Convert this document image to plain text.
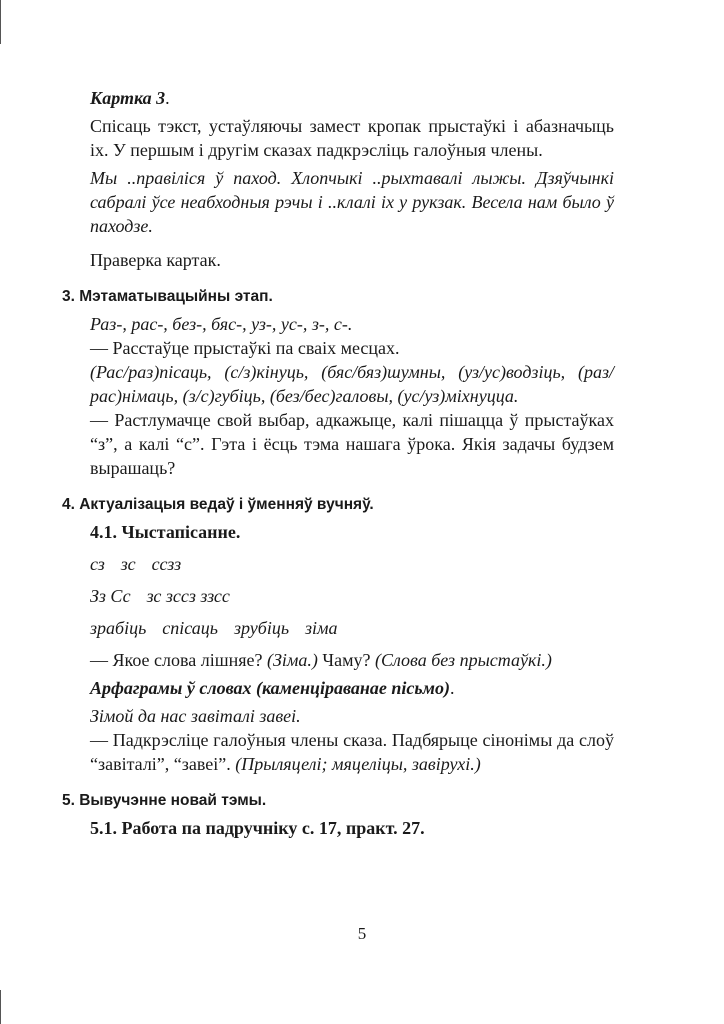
Картка 3.

Спісаць тэкст, устаўляючы замест кропак прыстаўкі і абазначыць іх. У першым і другім сказах падкрэсліць галоўныя члены.

Мы ..правіліся ў паход. Хлопчыкі ..рыхтавалі лыжы. Дзяўчынкі сабралі ўсе неабходныя рэчы і ..клалі іх у рукзак. Весела нам было ў паходзе.

Праверка картак.

3. Мэтаматывацыйны этап.

Раз-, рас-, без-, бяс-, уз-, ус-, з-, с-.

— Расстаўце прыстаўкі па сваіх месцах.

(Рас/раз)пісаць, (с/з)кінуць, (бяс/бяз)шумны, (уз/ус)водзіць, (раз/рас)німаць, (з/с)губіць, (без/бес)галовы, (ус/уз)міхнуцца.

— Растлумачце свой выбар, адкажыце, калі пішацца ў прыстаўках “з”, а калі “с”. Гэта і ёсць тэма нашага ўрока. Якія задачы будзем вырашаць?

4. Актуалізацыя ведаў і ўменняў вучняў.

4.1. Чыстапісанне.

сз зс ссзз

Зз Сс зс зccз ззсс

зрабіць спісаць зрубіць зіма

— Якое слова лішняе? (Зіма.) Чаму? (Слова без прыстаўкі.)

Арфаграмы ў словах (каменціраванае пісьмо).

Зімой да нас завіталі завеі.

— Падкрэсліце галоўныя члены сказа. Падбярыце сінонімы да слоў “завіталі”, “завеі”. (Прыляцелі; мяцеліцы, завірухі.)

5. Вывучэнне новай тэмы.

5.1. Работа па падручніку с. 17, практ. 27.

5
